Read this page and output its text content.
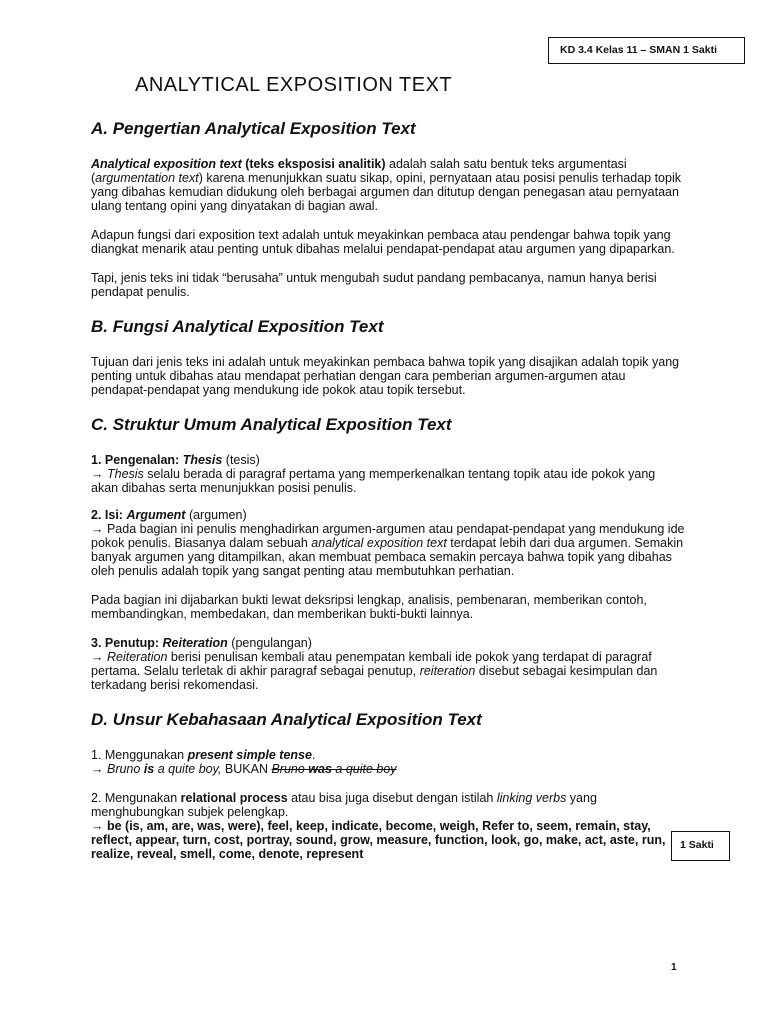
KD 3.4 Kelas 11 – SMAN 1 Sakti
ANALYTICAL EXPOSITION TEXT
A. Pengertian Analytical Exposition Text

Analytical exposition text (teks eksposisi analitik) adalah salah satu bentuk teks argumentasi (argumentation text) karena menunjukkan suatu sikap, opini, pernyataan atau posisi penulis terhadap topik yang dibahas kemudian didukung oleh berbagai argumen dan ditutup dengan penegasan atau pernyataan ulang tentang opini yang dinyatakan di bagian awal.

Adapun fungsi dari exposition text adalah untuk meyakinkan pembaca atau pendengar bahwa topik yang diangkat menarik atau penting untuk dibahas melalui pendapat-pendapat atau argumen yang dipaparkan.

Tapi, jenis teks ini tidak “berusaha” untuk mengubah sudut pandang pembacanya, namun hanya berisi pendapat penulis.

B. Fungsi Analytical Exposition Text

Tujuan dari jenis teks ini adalah untuk meyakinkan pembaca bahwa topik yang disajikan adalah topik yang penting untuk dibahas atau mendapat perhatian dengan cara pemberian argumen-argumen atau pendapat-pendapat yang mendukung ide pokok atau topik tersebut.

C. Struktur Umum Analytical Exposition Text

1. Pengenalan: Thesis (tesis)
→ Thesis selalu berada di paragraf pertama yang memperkenalkan tentang topik atau ide pokok yang akan dibahas serta menunjukkan posisi penulis.

2. Isi: Argument (argumen)
→ Pada bagian ini penulis menghadirkan argumen-argumen atau pendapat-pendapat yang mendukung ide pokok penulis. Biasanya dalam sebuah analytical exposition text terdapat lebih dari dua argumen. Semakin banyak argumen yang ditampilkan, akan membuat pembaca semakin percaya bahwa topik yang dibahas oleh penulis adalah topik yang sangat penting atau membutuhkan perhatian.

Pada bagian ini dijabarkan bukti lewat deksripsi lengkap, analisis, pembenaran, memberikan contoh, membandingkan, membedakan, dan memberikan bukti-bukti lainnya.

3. Penutup: Reiteration (pengulangan)
→ Reiteration berisi penulisan kembali atau penempatan kembali ide pokok yang terdapat di paragraf pertama. Selalu terletak di akhir paragraf sebagai penutup, reiteration disebut sebagai kesimpulan dan terkadang berisi rekomendasi.

D. Unsur Kebahasaan Analytical Exposition Text

1. Menggunakan present simple tense.
→ Bruno is a quite boy, BUKAN Bruno was a quite boy

2. Mengunakan relational process atau bisa juga disebut dengan istilah linking verbs yang menghubungkan subjek pelengkap.
→ be (is, am, are, was, were), feel, keep, indicate, become, weigh, Refer to, seem, remain, stay, reflect, appear, turn, cost, portray, sound, grow, measure, function, look, go, make, act, aste, run, realize, reveal, smell, come, denote, represent

1 Sakti
1
